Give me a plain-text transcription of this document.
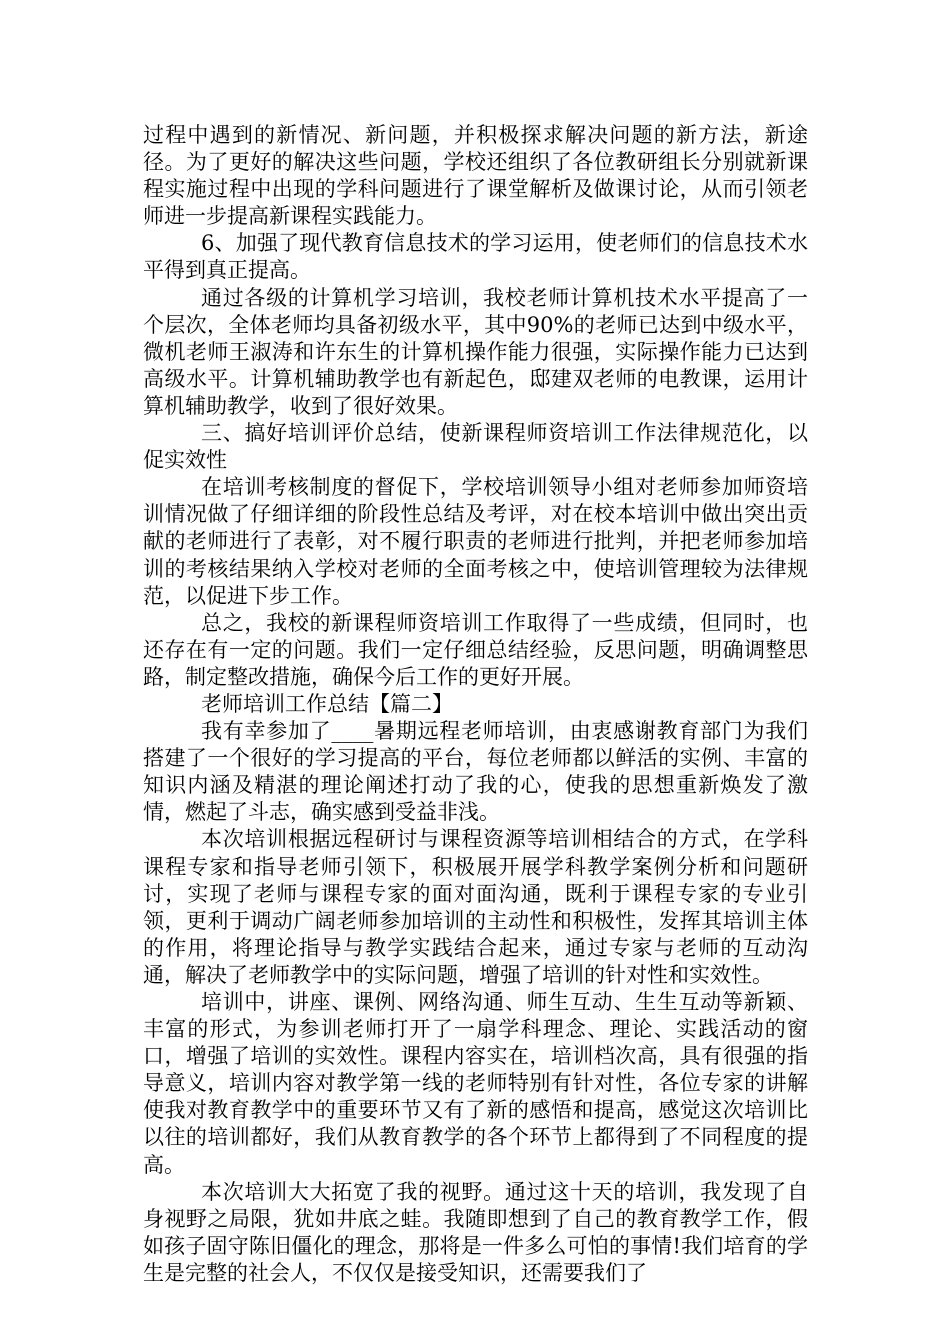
过程中遇到的新情况、新问题，并积极探求解决问题的新方法，新途径。为了更好的解决这些问题，学校还组织了各位教研组长分别就新课程实施过程中出现的学科问题进行了课堂解析及做课讨论，从而引领老师进一步提高新课程实践能力。

6、加强了现代教育信息技术的学习运用，使老师们的信息技术水平得到真正提高。

通过各级的计算机学习培训，我校老师计算机技术水平提高了一个层次，全体老师均具备初级水平，其中90%的老师已达到中级水平，微机老师王淑涛和许东生的计算机操作能力很强，实际操作能力已达到高级水平。计算机辅助教学也有新起色，邸建双老师的电教课，运用计算机辅助教学，收到了很好效果。

三、搞好培训评价总结，使新课程师资培训工作法律规范化，以促实效性

在培训考核制度的督促下，学校培训领导小组对老师参加师资培训情况做了仔细详细的阶段性总结及考评，对在校本培训中做出突出贡献的老师进行了表彰，对不履行职责的老师进行批判，并把老师参加培训的考核结果纳入学校对老师的全面考核之中，使培训管理较为法律规范，以促进下步工作。

总之，我校的新课程师资培训工作取得了一些成绩，但同时，也还存在有一定的问题。我们一定仔细总结经验，反思问题，明确调整思路，制定整改措施，确保今后工作的更好开展。

老师培训工作总结【篇二】

我有幸参加了____暑期远程老师培训，由衷感谢教育部门为我们搭建了一个很好的学习提高的平台，每位老师都以鲜活的实例、丰富的知识内涵及精湛的理论阐述打动了我的心，使我的思想重新焕发了激情，燃起了斗志，确实感到受益非浅。

本次培训根据远程研讨与课程资源等培训相结合的方式，在学科课程专家和指导老师引领下，积极展开展学科教学案例分析和问题研讨，实现了老师与课程专家的面对面沟通，既利于课程专家的专业引领，更利于调动广阔老师参加培训的主动性和积极性，发挥其培训主体的作用，将理论指导与教学实践结合起来，通过专家与老师的互动沟通，解决了老师教学中的实际问题，增强了培训的针对性和实效性。

培训中，讲座、课例、网络沟通、师生互动、生生互动等新颖、丰富的形式，为参训老师打开了一扇学科理念、理论、实践活动的窗口，增强了培训的实效性。课程内容实在，培训档次高，具有很强的指导意义，培训内容对教学第一线的老师特别有针对性，各位专家的讲解使我对教育教学中的重要环节又有了新的感悟和提高，感觉这次培训比以往的培训都好，我们从教育教学的各个环节上都得到了不同程度的提高。

本次培训大大拓宽了我的视野。通过这十天的培训，我发现了自身视野之局限，犹如井底之蛙。我随即想到了自己的教育教学工作，假如孩子固守陈旧僵化的理念，那将是一件多么可怕的事情!我们培育的学生是完整的社会人，不仅仅是接受知识，还需要我们了
